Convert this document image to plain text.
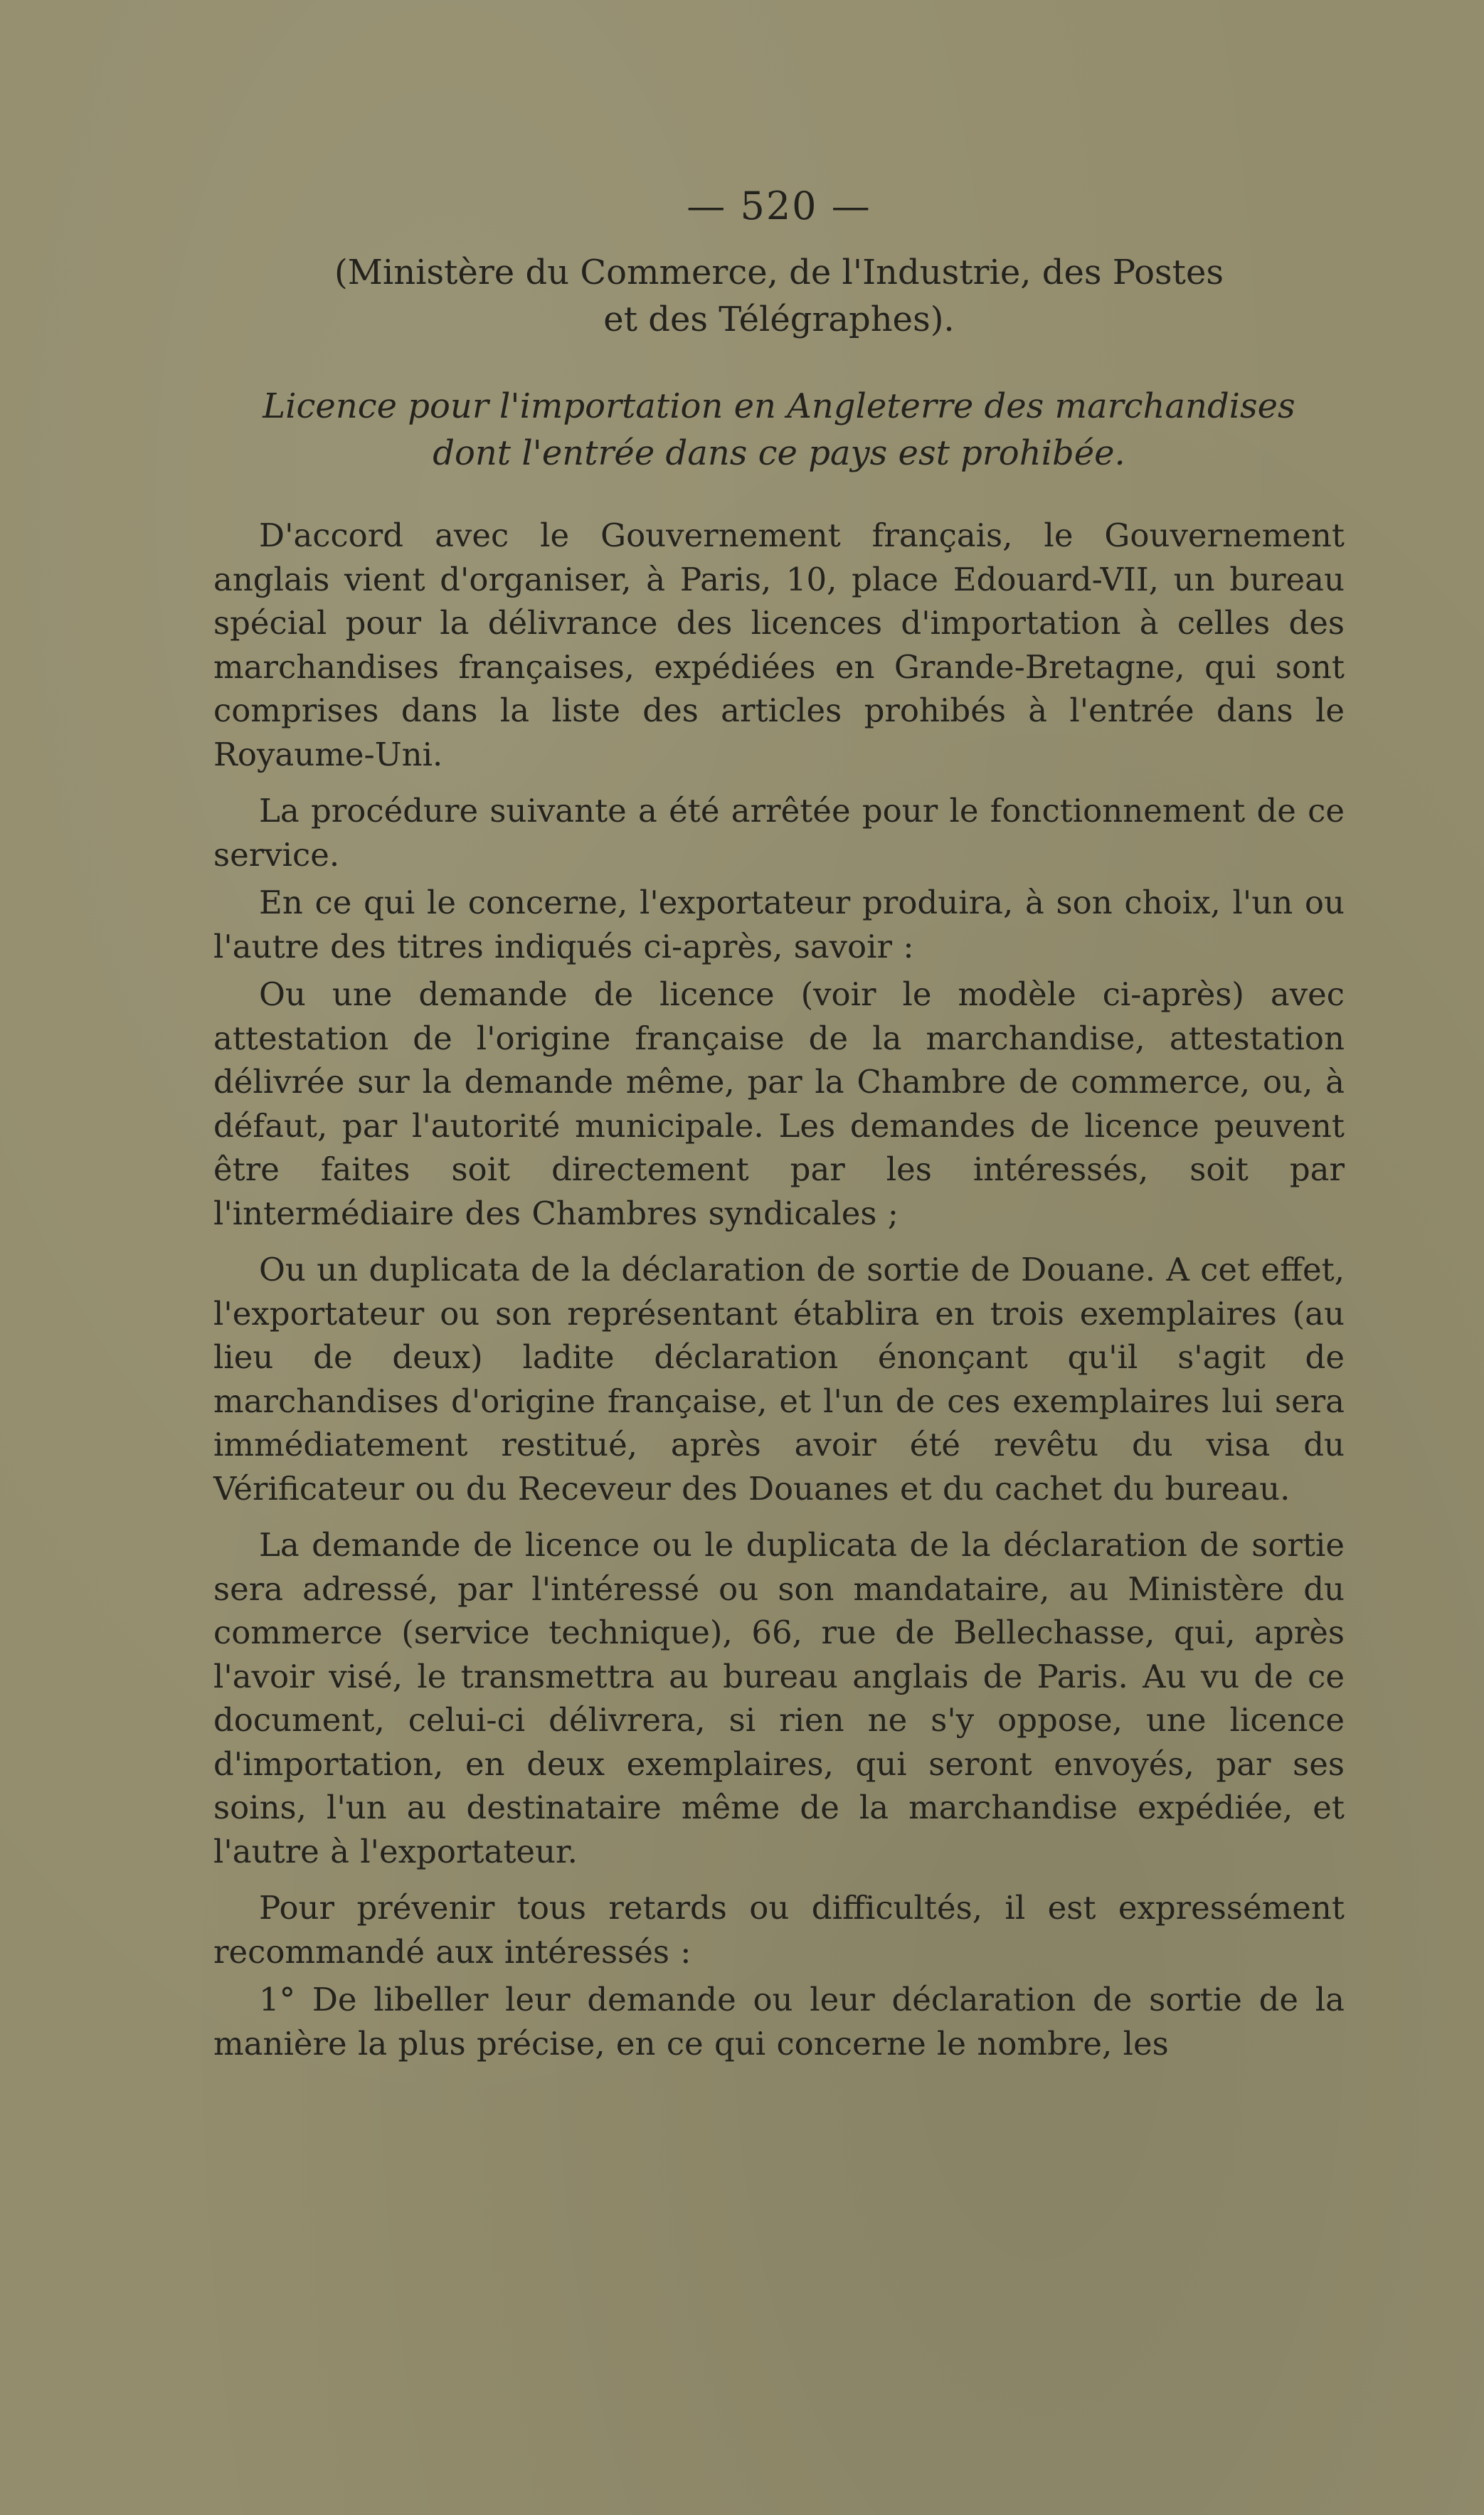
— 520 —
(Ministère du Commerce, de l'Industrie, des Postes
et des Télégraphes).
Licence pour l'importation en Angleterre des marchandises
dont l'entrée dans ce pays est prohibée.

D'accord avec le Gouvernement français, le Gouvernement anglais vient d'organiser, à Paris, 10, place Edouard-VII, un bureau spécial pour la délivrance des licences d'importation à celles des marchandises françaises, expédiées en Grande-Bretagne, qui sont comprises dans la liste des articles prohibés à l'entrée dans le Royaume-Uni.

La procédure suivante a été arrêtée pour le fonctionnement de ce service.

En ce qui le concerne, l'exportateur produira, à son choix, l'un ou l'autre des titres indiqués ci-après, savoir :

Ou une demande de licence (voir le modèle ci-après) avec attestation de l'origine française de la marchandise, attestation délivrée sur la demande même, par la Chambre de commerce, ou, à défaut, par l'autorité municipale. Les demandes de licence peuvent être faites soit directement par les intéressés, soit par l'intermédiaire des Chambres syndicales ;

Ou un duplicata de la déclaration de sortie de Douane. A cet effet, l'exportateur ou son représentant établira en trois exemplaires (au lieu de deux) ladite déclaration énonçant qu'il s'agit de marchandises d'origine française, et l'un de ces exemplaires lui sera immédiatement restitué, après avoir été revêtu du visa du Vérificateur ou du Receveur des Douanes et du cachet du bureau.

La demande de licence ou le duplicata de la déclaration de sortie sera adressé, par l'intéressé ou son mandataire, au Ministère du commerce (service technique), 66, rue de Bellechasse, qui, après l'avoir visé, le transmettra au bureau anglais de Paris. Au vu de ce document, celui-ci délivrera, si rien ne s'y oppose, une licence d'importation, en deux exemplaires, qui seront envoyés, par ses soins, l'un au destinataire même de la marchandise expédiée, et l'autre à l'exportateur.

Pour prévenir tous retards ou difficultés, il est expressément recommandé aux intéressés :

1° De libeller leur demande ou leur déclaration de sortie de la manière la plus précise, en ce qui concerne le nombre, les
